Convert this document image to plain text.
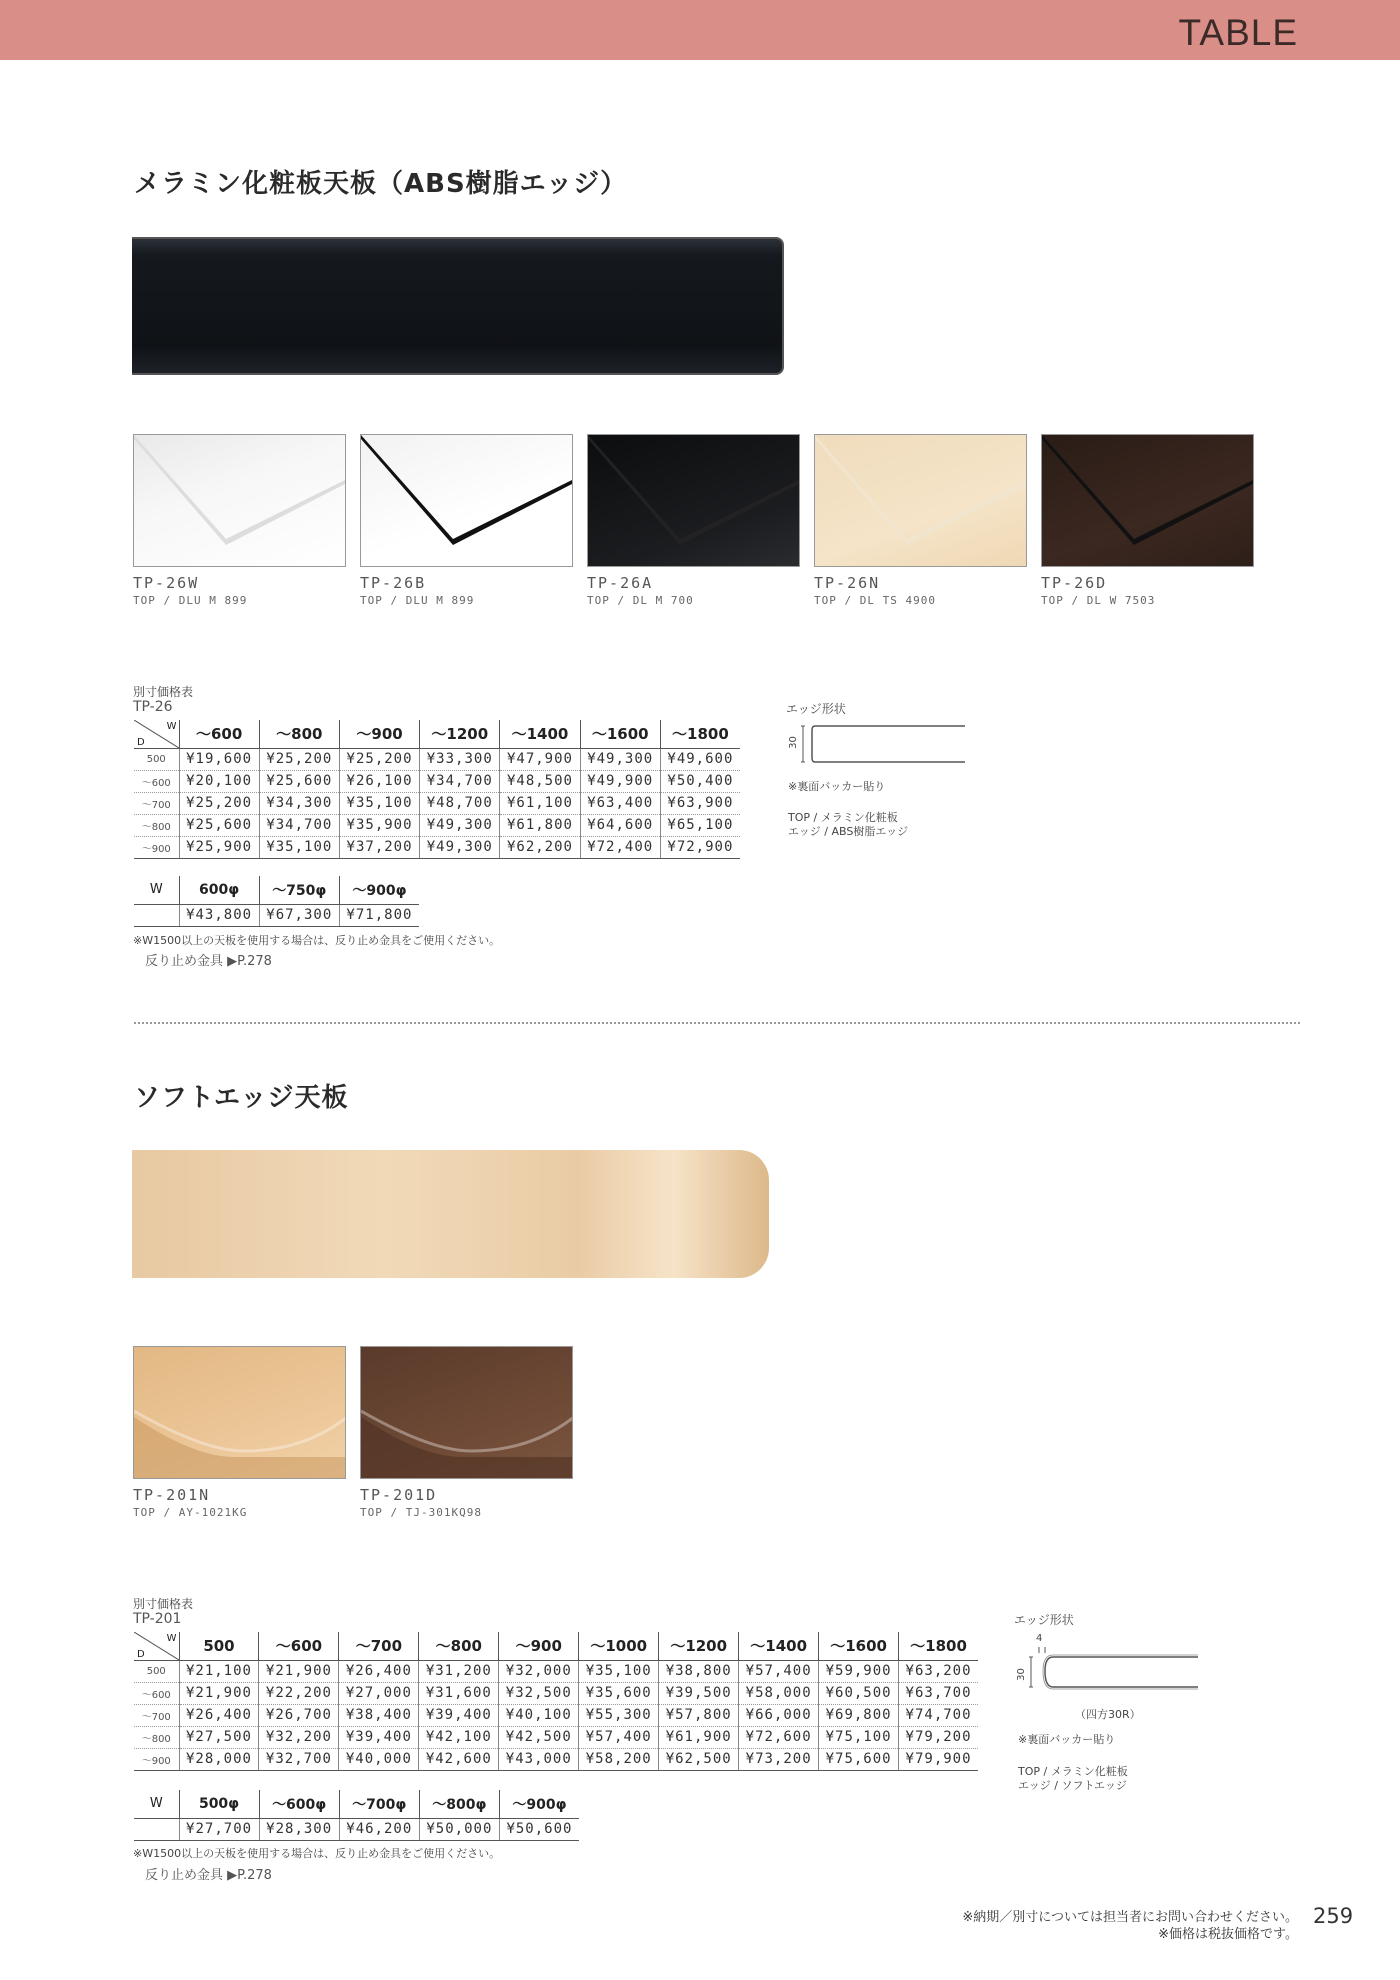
TABLE
メラミン化粧板天板（ABS樹脂エッジ）
TP-26W
TOP / DLU M 899
TP-26B
TOP / DLU M 899
TP-26A
TOP / DL M 700
TP-26N
TOP / DL TS 4900
TP-26D
TOP / DL W 7503
別寸価格表
TP-26
W
D	〜600	〜800	〜900	〜1200	〜1400	〜1600	〜1800
500	¥19,600	¥25,200	¥25,200	¥33,300	¥47,900	¥49,300	¥49,600
〜600	¥20,100	¥25,600	¥26,100	¥34,700	¥48,500	¥49,900	¥50,400
〜700	¥25,200	¥34,300	¥35,100	¥48,700	¥61,100	¥63,400	¥63,900
〜800	¥25,600	¥34,700	¥35,900	¥49,300	¥61,800	¥64,600	¥65,100
〜900	¥25,900	¥35,100	¥37,200	¥49,300	¥62,200	¥72,400	¥72,900
W	600φ	〜750φ	〜900φ
	¥43,800	¥67,300	¥71,800
※W1500以上の天板を使用する場合は、反り止め金具をご使用ください。
反り止め金具 ▶P.278
エッジ形状
30
※裏面バッカー貼り
TOP / メラミン化粧板
エッジ / ABS樹脂エッジ
ソフトエッジ天板
TP-201N
TOP / AY-1021KG
TP-201D
TOP / TJ-301KQ98
別寸価格表
TP-201
W
D	500	〜600	〜700	〜800	〜900	〜1000	〜1200	〜1400	〜1600	〜1800
500	¥21,100	¥21,900	¥26,400	¥31,200	¥32,000	¥35,100	¥38,800	¥57,400	¥59,900	¥63,200
〜600	¥21,900	¥22,200	¥27,000	¥31,600	¥32,500	¥35,600	¥39,500	¥58,000	¥60,500	¥63,700
〜700	¥26,400	¥26,700	¥38,400	¥39,400	¥40,100	¥55,300	¥57,800	¥66,000	¥69,800	¥74,700
〜800	¥27,500	¥32,200	¥39,400	¥42,100	¥42,500	¥57,400	¥61,900	¥72,600	¥75,100	¥79,200
〜900	¥28,000	¥32,700	¥40,000	¥42,600	¥43,000	¥58,200	¥62,500	¥73,200	¥75,600	¥79,900
W	500φ	〜600φ	〜700φ	〜800φ	〜900φ
	¥27,700	¥28,300	¥46,200	¥50,000	¥50,600
※W1500以上の天板を使用する場合は、反り止め金具をご使用ください。
反り止め金具 ▶P.278
エッジ形状
4
30
（四方30R）
※裏面バッカー貼り
TOP / メラミン化粧板
エッジ / ソフトエッジ
※納期／別寸については担当者にお問い合わせください。
※価格は税抜価格です。
259
